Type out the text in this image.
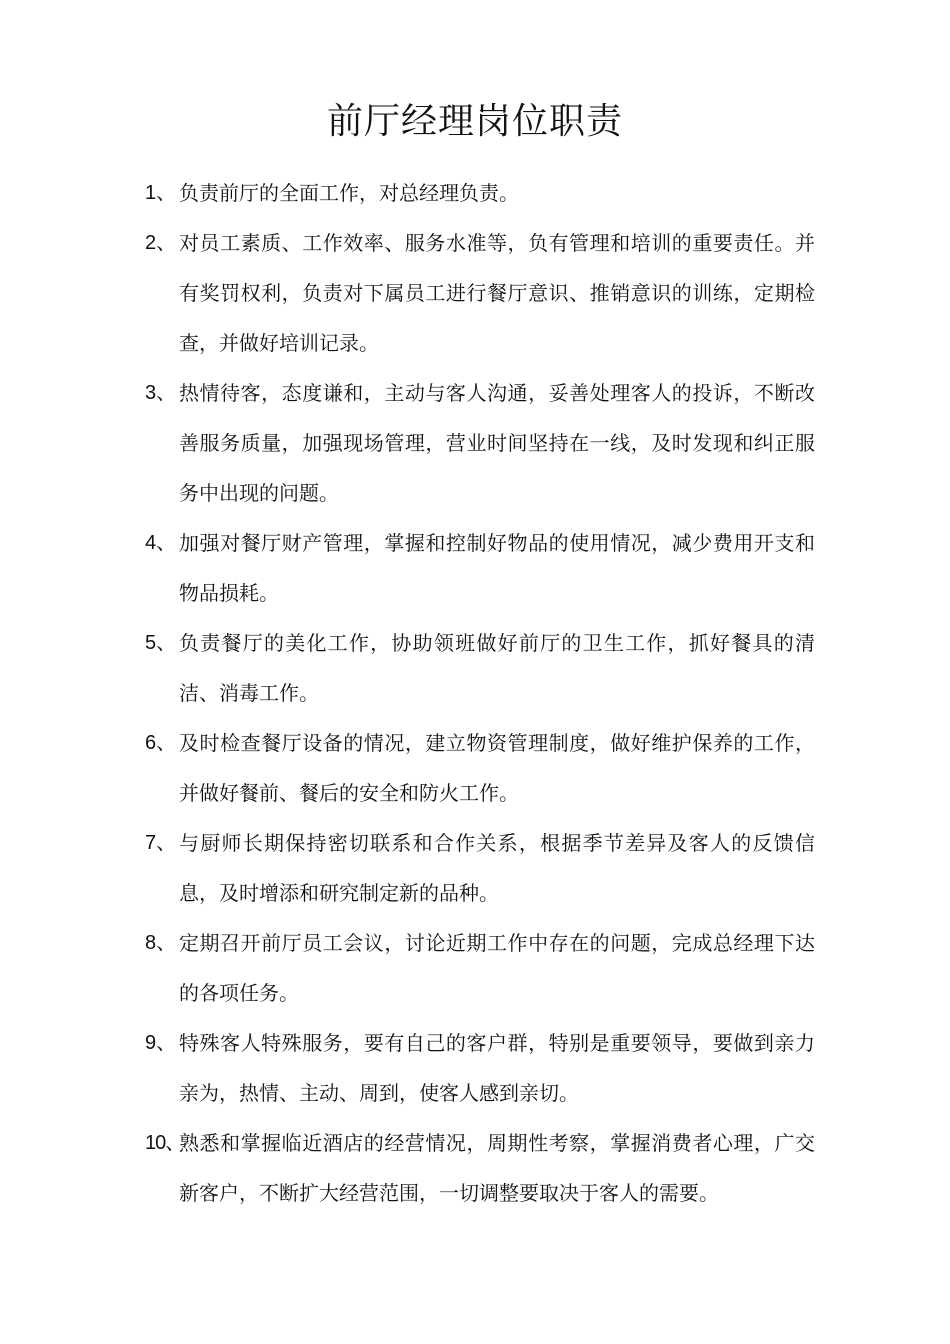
前厅经理岗位职责
1、 负责前厅的全面工作，对总经理负责。
2、 对员工素质、工作效率、服务水准等，负有管理和培训的重要责任。并有奖罚权利，负责对下属员工进行餐厅意识、推销意识的训练，定期检查，并做好培训记录。
3、 热情待客，态度谦和，主动与客人沟通，妥善处理客人的投诉，不断改善服务质量，加强现场管理，营业时间坚持在一线，及时发现和纠正服务中出现的问题。
4、 加强对餐厅财产管理，掌握和控制好物品的使用情况，减少费用开支和物品损耗。
5、 负责餐厅的美化工作，协助领班做好前厅的卫生工作，抓好餐具的清洁、消毒工作。
6、 及时检查餐厅设备的情况，建立物资管理制度，做好维护保养的工作，并做好餐前、餐后的安全和防火工作。
7、 与厨师长期保持密切联系和合作关系，根据季节差异及客人的反馈信息，及时增添和研究制定新的品种。
8、 定期召开前厅员工会议，讨论近期工作中存在的问题，完成总经理下达的各项任务。
9、 特殊客人特殊服务，要有自己的客户群，特别是重要领导，要做到亲力亲为，热情、主动、周到，使客人感到亲切。
10、
熟悉和掌握临近酒店的经营情况，周期性考察，掌握消费者心理，广交新客户，不断扩大经营范围，一切调整要取决于客人的需要。
